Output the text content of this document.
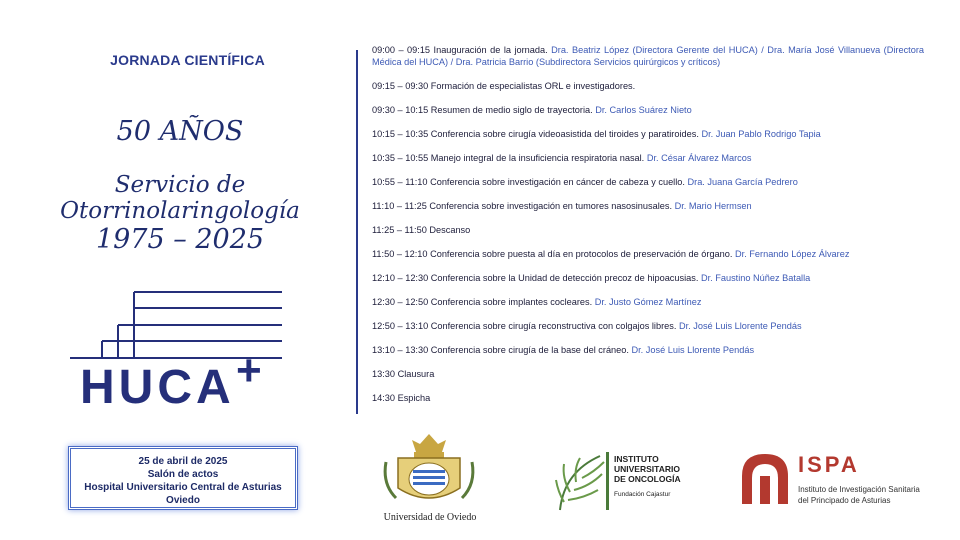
JORNADA CIENTÍFICA
50 AÑOS
Servicio de Otorrinolaringología
1975 – 2025
HUCA +
25 de abril de 2025
Salón de actos
Hospital Universitario Central de Asturias
Oviedo
09:00 – 09:15 Inauguración de la jornada. Dra. Beatriz López (Directora Gerente del HUCA) / Dra. María José Villanueva (Directora Médica del HUCA) / Dra. Patricia Barrio (Subdirectora Servicios quirúrgicos y críticos)
09:15 – 09:30 Formación de especialistas ORL e investigadores.
09:30 – 10:15 Resumen de medio siglo de trayectoria. Dr. Carlos Suárez Nieto
10:15 – 10:35 Conferencia sobre cirugía videoasistida del tiroides y paratiroides. Dr. Juan Pablo Rodrigo Tapia
10:35 – 10:55 Manejo integral de la insuficiencia respiratoria nasal. Dr. César Álvarez Marcos
10:55 – 11:10 Conferencia sobre investigación en cáncer de cabeza y cuello. Dra. Juana García Pedrero
11:10 – 11:25 Conferencia sobre investigación en tumores nasosinusales. Dr. Mario Hermsen
11:25 – 11:50 Descanso
11:50 – 12:10 Conferencia sobre puesta al día en protocolos de preservación de órgano. Dr. Fernando López Álvarez
12:10 – 12:30 Conferencia sobre la Unidad de detección precoz de hipoacusias. Dr. Faustino Núñez Batalla
12:30 – 12:50 Conferencia sobre implantes cocleares. Dr. Justo Gómez Martínez
12:50 – 13:10 Conferencia sobre cirugía reconstructiva con colgajos libres. Dr. José Luis Llorente Pendás
13:10 – 13:30 Conferencia sobre cirugía de la base del cráneo. Dr. José Luis Llorente Pendás
13:30 Clausura
14:30 Espicha
Universidad de Oviedo
INSTITUTO
UNIVERSITARIO
DE ONCOLOGÍA
Fundación Cajastur
ISPA
Instituto de Investigación Sanitaria
del Principado de Asturias
